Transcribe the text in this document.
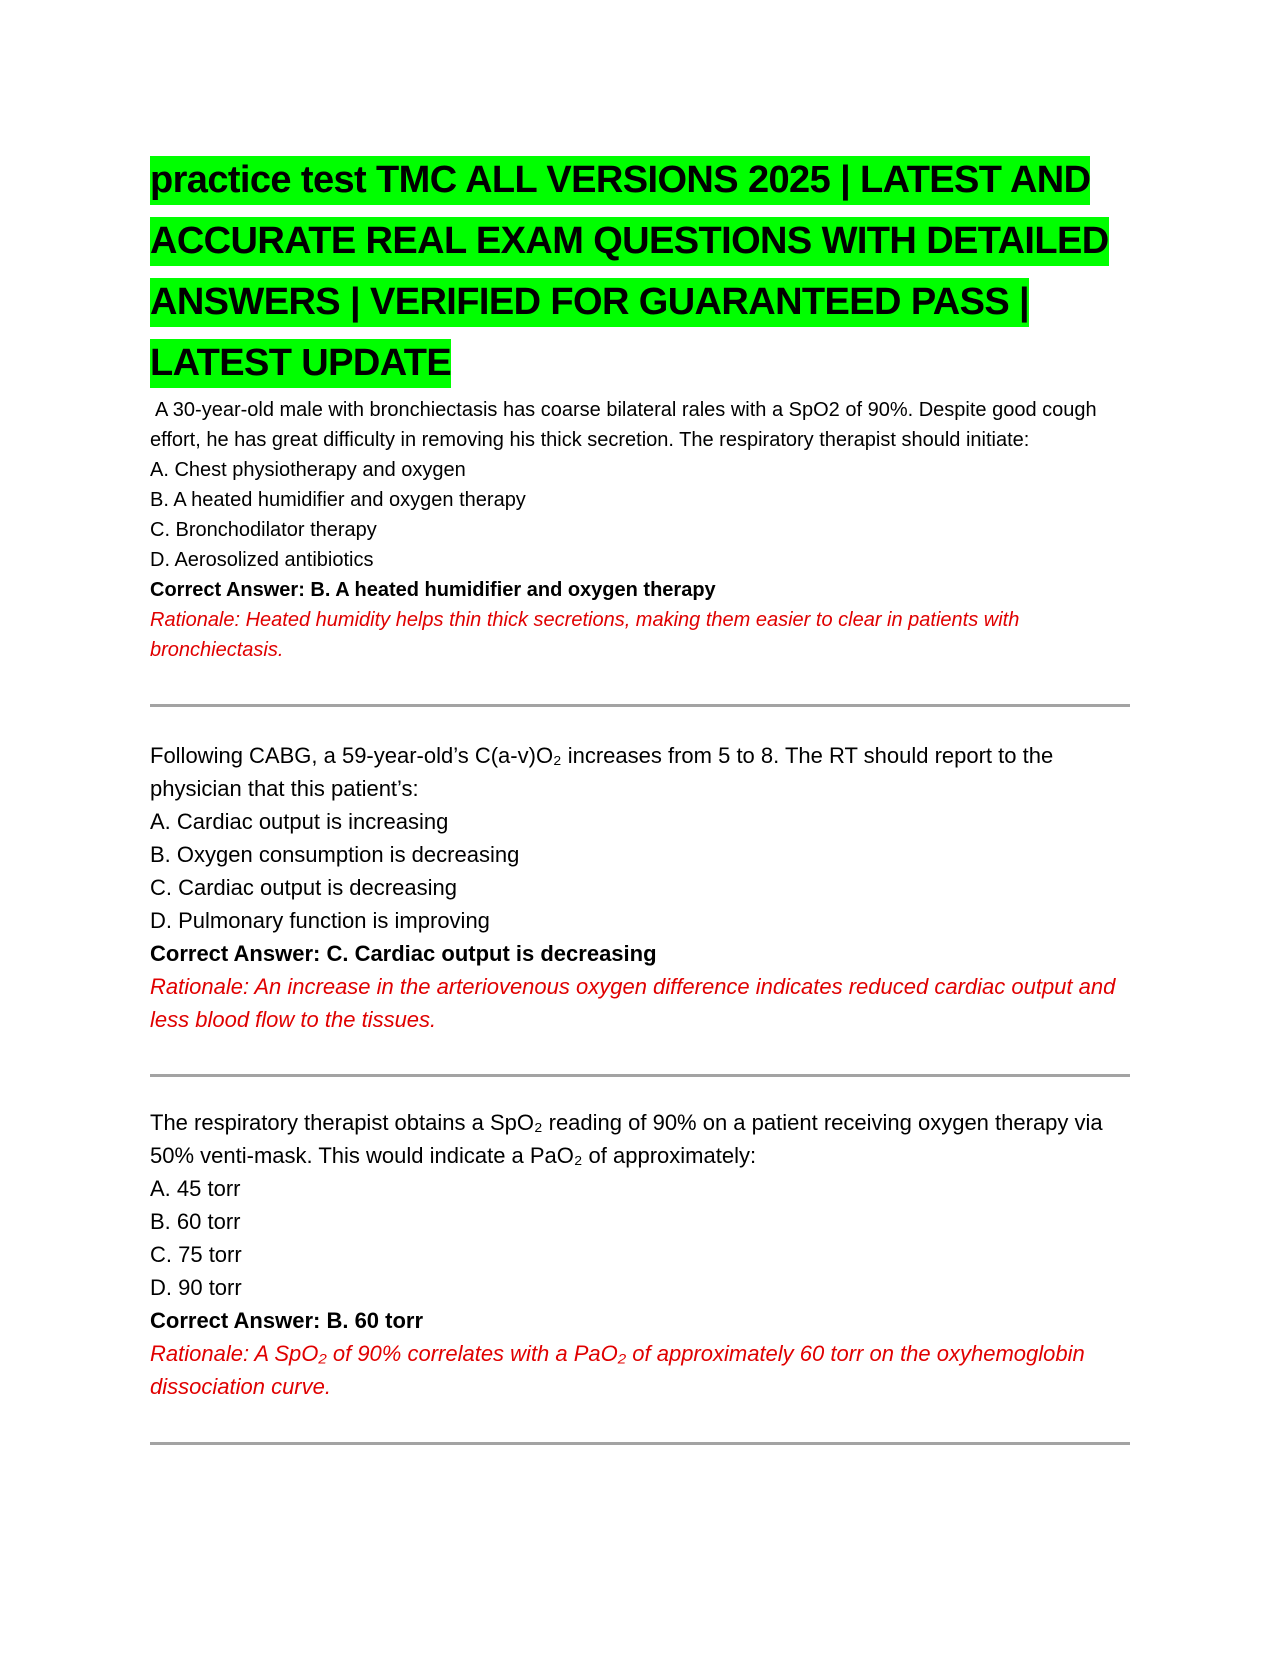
practice test TMC ALL VERSIONS 2025 | LATEST AND ACCURATE REAL EXAM QUESTIONS WITH DETAILED ANSWERS | VERIFIED FOR GUARANTEED PASS | LATEST UPDATE
A 30-year-old male with bronchiectasis has coarse bilateral rales with a SpO2 of 90%. Despite good cough effort, he has great difficulty in removing his thick secretion. The respiratory therapist should initiate:
A. Chest physiotherapy and oxygen
B. A heated humidifier and oxygen therapy
C. Bronchodilator therapy
D. Aerosolized antibiotics
Correct Answer: B. A heated humidifier and oxygen therapy
Rationale: Heated humidity helps thin thick secretions, making them easier to clear in patients with bronchiectasis.
Following CABG, a 59-year-old’s C(a-v)O₂ increases from 5 to 8. The RT should report to the physician that this patient’s:
A. Cardiac output is increasing
B. Oxygen consumption is decreasing
C. Cardiac output is decreasing
D. Pulmonary function is improving
Correct Answer: C. Cardiac output is decreasing
Rationale: An increase in the arteriovenous oxygen difference indicates reduced cardiac output and less blood flow to the tissues.
The respiratory therapist obtains a SpO₂ reading of 90% on a patient receiving oxygen therapy via 50% venti-mask. This would indicate a PaO₂ of approximately:
A. 45 torr
B. 60 torr
C. 75 torr
D. 90 torr
Correct Answer: B. 60 torr
Rationale: A SpO₂ of 90% correlates with a PaO₂ of approximately 60 torr on the oxyhemoglobin dissociation curve.
